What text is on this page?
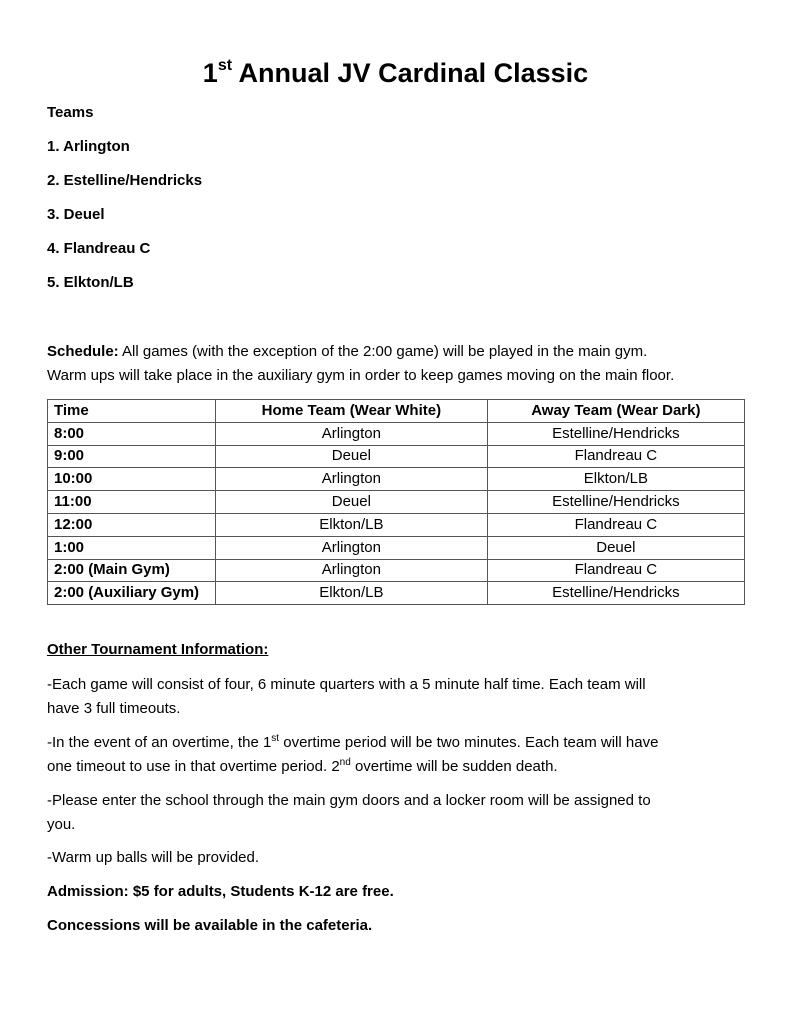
1st Annual JV Cardinal Classic
Teams
1. Arlington
2. Estelline/Hendricks
3. Deuel
4. Flandreau C
5. Elkton/LB
Schedule: All games (with the exception of the 2:00 game) will be played in the main gym.
Warm ups will take place in the auxiliary gym in order to keep games moving on the main floor.
Time	Home Team (Wear White)	Away Team (Wear Dark)
8:00	Arlington	Estelline/Hendricks
9:00	Deuel	Flandreau C
10:00	Arlington	Elkton/LB
11:00	Deuel	Estelline/Hendricks
12:00	Elkton/LB	Flandreau C
1:00	Arlington	Deuel
2:00 (Main Gym)	Arlington	Flandreau C
2:00 (Auxiliary Gym)	Elkton/LB	Estelline/Hendricks
Other Tournament Information:
-Each game will consist of four, 6 minute quarters with a 5 minute half time. Each team will
have 3 full timeouts.
-In the event of an overtime, the 1st overtime period will be two minutes. Each team will have
one timeout to use in that overtime period. 2nd overtime will be sudden death.
-Please enter the school through the main gym doors and a locker room will be assigned to
you.
-Warm up balls will be provided.
Admission: $5 for adults, Students K-12 are free.
Concessions will be available in the cafeteria.
